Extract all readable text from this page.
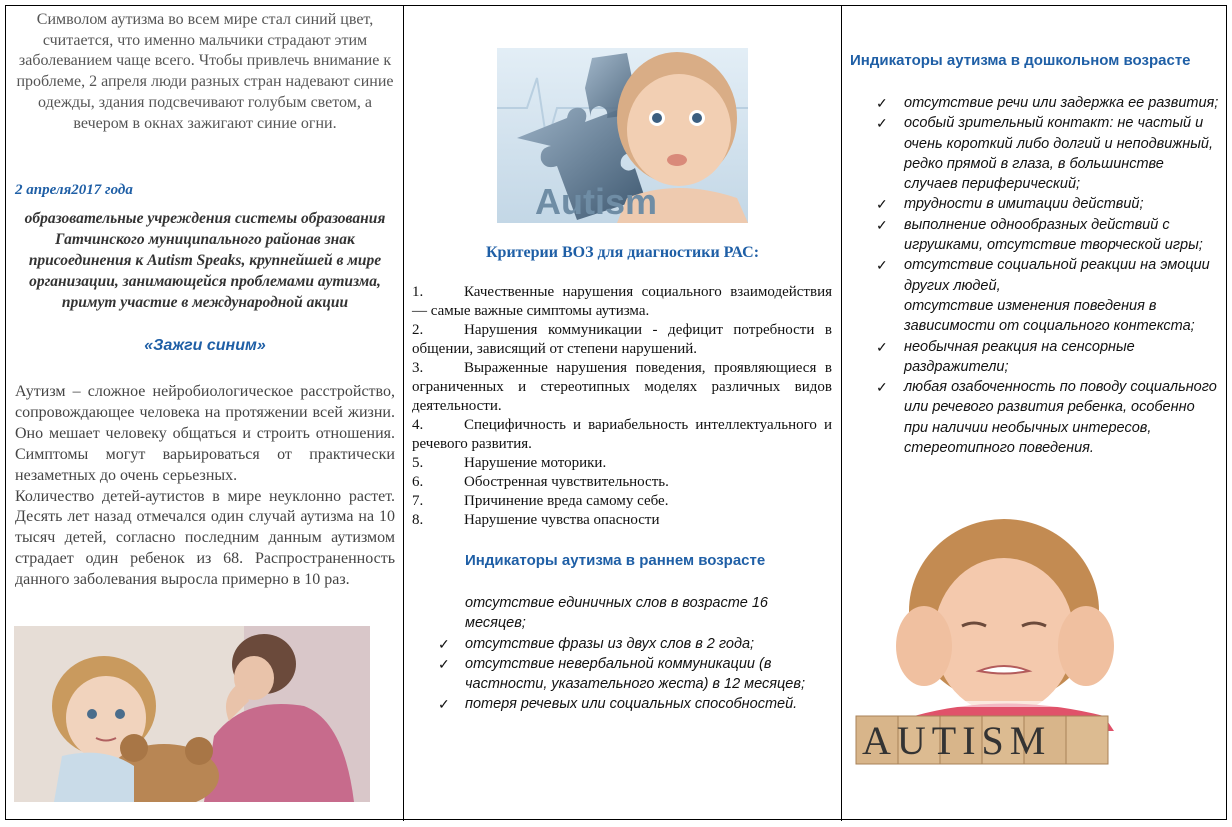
Символом аутизма во всем мире стал синий цвет, считается, что именно мальчики страдают этим заболеванием чаще всего. Чтобы привлечь внимание к проблеме, 2 апреля люди разных стран надевают синие одежды, здания подсвечивают голубым светом, а вечером в окнах зажигают синие огни.
2 апреля2017 года
образовательные учреждения системы образования Гатчинского муниципального районав знак присоединения к Autism Speaks, крупнейшей в мире организации, занимающейся проблемами аутизма, примут участие в международной акции
«Зажги синим»

Аутизм – сложное нейробиологическое расстройство, сопровождающее человека на протяжении всей жизни. Оно мешает человеку общаться и строить отношения. Симптомы могут варьироваться от практически незаметных до очень серьезных.

Количество детей-аутистов в мире неуклонно растет. Десять лет назад отмечался один случай аутизма на 10 тысяч детей, согласно последним данным аутизмом страдает один ребенок из 68. Распространенность данного заболевания выросла примерно в 10 раз.

Autism
Критерии ВОЗ для диагностики РАС:
1.	Качественные нарушения социального взаимодействия — самые важные симптомы аутизма.
2.	Нарушения коммуникации - дефицит потребности в общении, зависящий от степени нарушений.
3.	Выраженные нарушения поведения, проявляющиеся в ограниченных и стереотипных моделях различных видов деятельности.
4.	Специфичность и вариабельность интеллектуального и речевого развития.
5.	Нарушение моторики.
6.	Обостренная чувствительность.
7.	Причинение вреда самому себе.
8.	Нарушение чувства опасности
Индикаторы аутизма в раннем возрасте
отсутствие единичных слов в возрасте 16 месяцев;
✓ отсутствие фразы из двух слов в 2 года;
✓ отсутствие невербальной коммуникации (в частности, указательного жеста) в 12 месяцев;
✓ потеря речевых или социальных способностей.
Индикаторы аутизма в дошкольном возрасте
✓ отсутствие речи или задержка ее развития;
✓ особый зрительный контакт: не частый и очень короткий либо долгий и неподвижный, редко прямой в глаза, в большинстве случаев периферический;
✓ трудности в имитации действий;
✓ выполнение однообразных действий с игрушками, отсутствие творческой игры;
✓ отсутствие социальной реакции на эмоции других людей,
отсутствие изменения поведения в зависимости от социального контекста;
✓ необычная реакция на сенсорные раздражители;
✓ любая озабоченность по поводу социального или речевого развития ребенка, особенно при наличии необычных интересов, стереотипного поведения.
AUTISM
